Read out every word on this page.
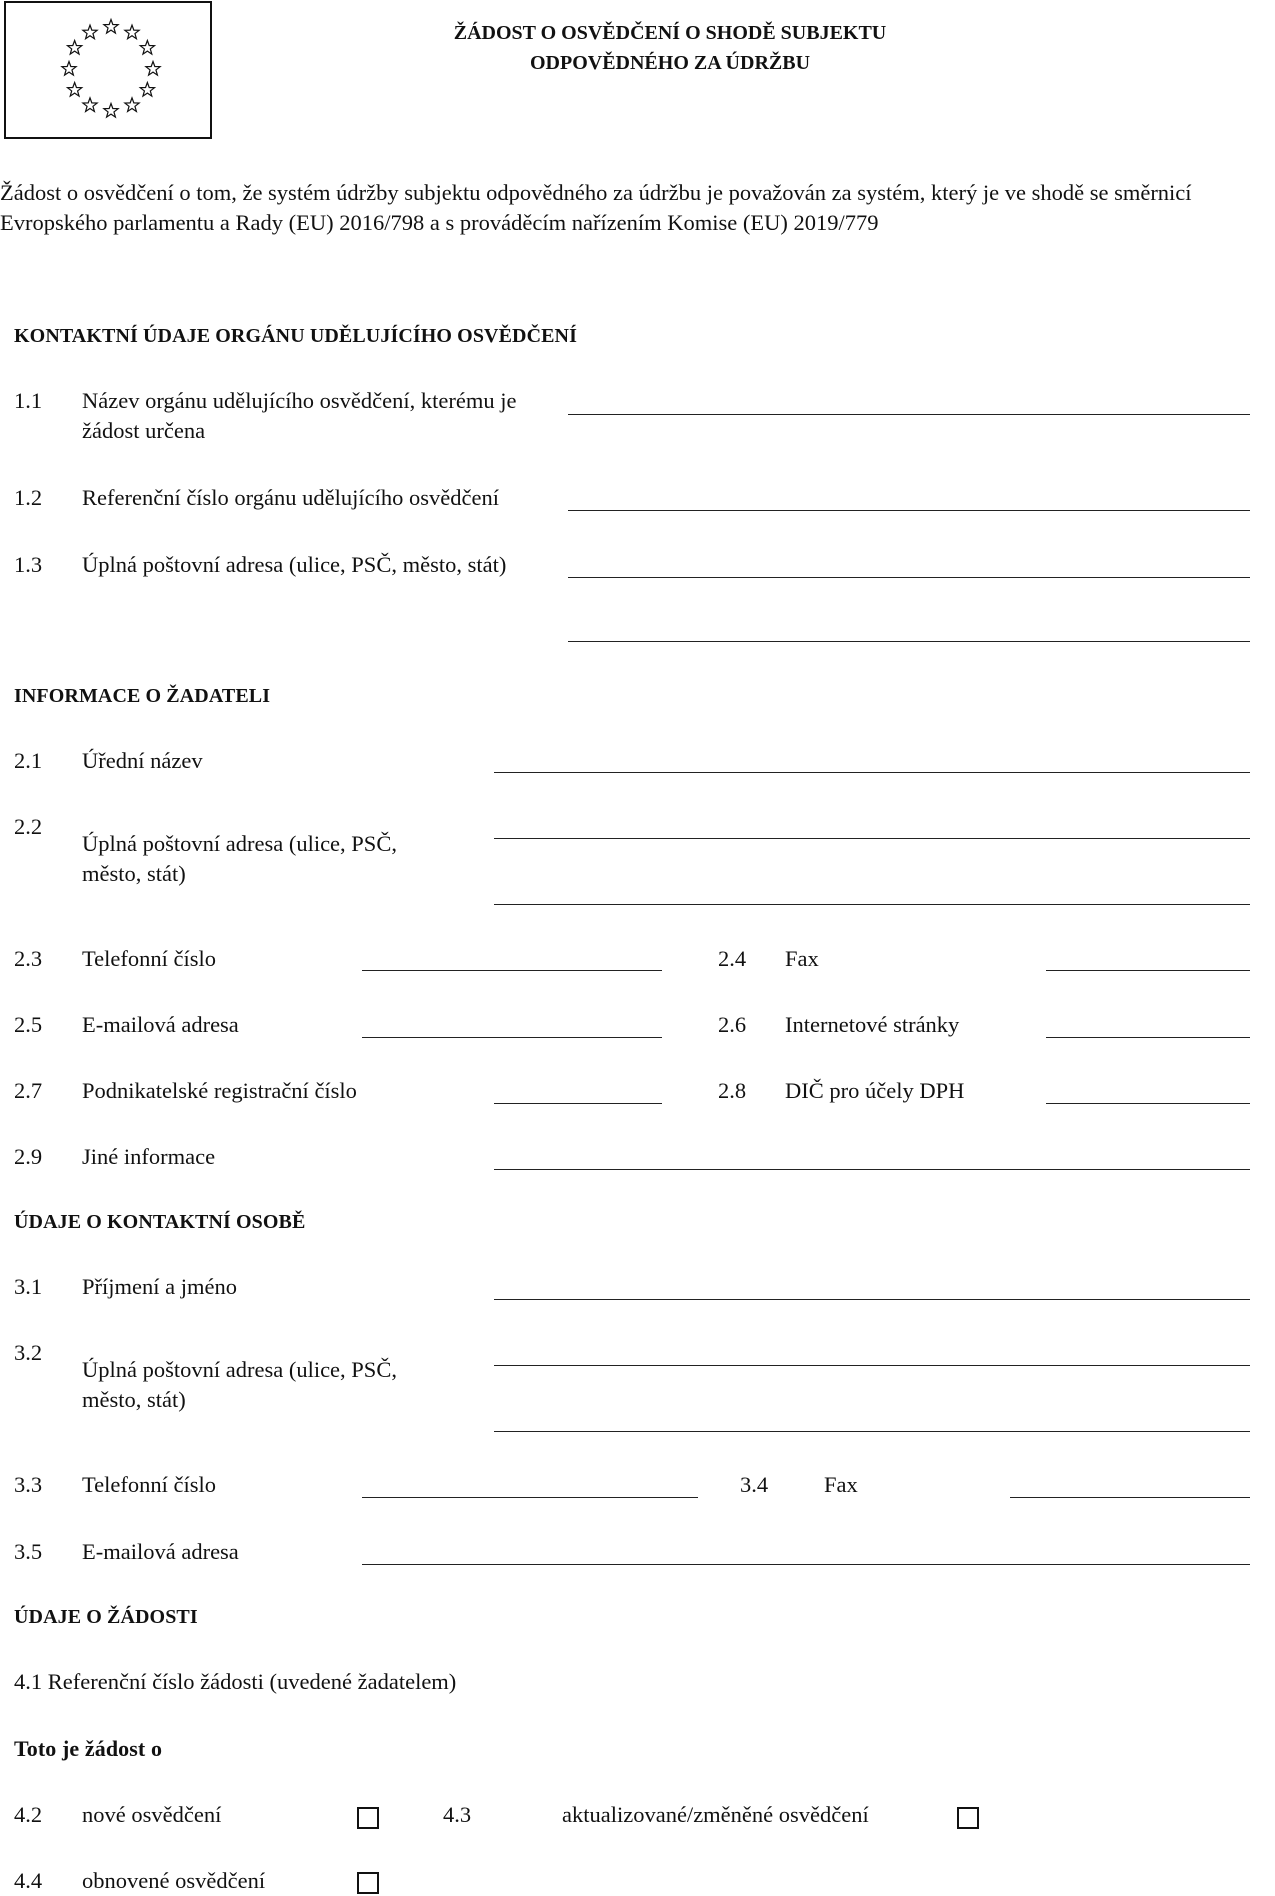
ŽÁDOST O OSVĚDČENÍ O SHODĚ SUBJEKTU ODPOVĚDNÉHO ZA ÚDRŽBU
Žádost o osvědčení o tom, že systém údržby subjektu odpovědného za údržbu je považován za systém, který je ve shodě se směrnicí Evropského parlamentu a Rady (EU) 2016/798 a s prováděcím nařízením Komise (EU) 2019/779
KONTAKTNÍ ÚDAJE ORGÁNU UDĚLUJÍCÍHO OSVĚDČENÍ
1.1 Název orgánu udělujícího osvědčení, kterému je žádost určena
1.2 Referenční číslo orgánu udělujícího osvědčení
1.3 Úplná poštovní adresa (ulice, PSČ, město, stát)
INFORMACE O ŽADATELI
2.1 Úřední název
2.2
Úplná poštovní adresa (ulice, PSČ, město, stát)
2.3 Telefonní číslo	2.4 Fax
2.5 E-mailová adresa	2.6 Internetové stránky
2.7 Podnikatelské registrační číslo	2.8 DIČ pro účely DPH
2.9 Jiné informace
ÚDAJE O KONTAKTNÍ OSOBĚ
3.1 Příjmení a jméno
3.2
Úplná poštovní adresa (ulice, PSČ, město, stát)
3.3 Telefonní číslo	3.4 Fax
3.5 E-mailová adresa
ÚDAJE O ŽÁDOSTI
4.1 Referenční číslo žádosti (uvedené žadatelem)
Toto je žádost o
4.2 nové osvědčení	4.3	aktualizované/změněné osvědčení
4.4 obnovené osvědčení
